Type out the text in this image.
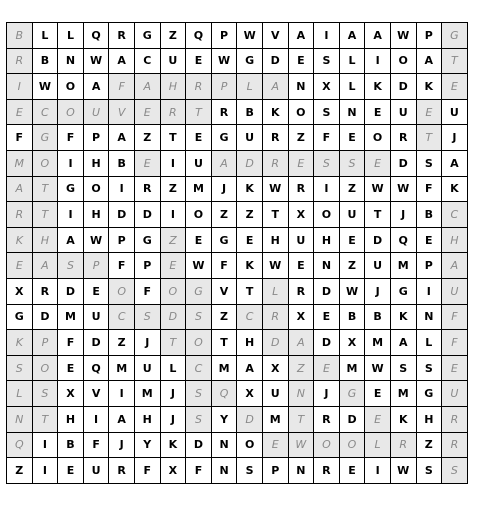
B	L	L	Q	R	G	Z	Q	P	W	V	A	I	A	A	W	P	G
R	B	N	W	A	C	U	E	W	G	D	E	S	L	I	O	A	T
I	W	O	A	F	A	H	R	P	L	A	N	X	L	K	D	K	E
E	C	O	U	V	E	R	T	R	B	K	O	S	N	E	U	E	U
F	G	F	P	A	Z	T	E	G	U	R	Z	F	E	O	R	T	J
M	O	I	H	B	E	I	U	A	D	R	E	S	S	E	D	S	A
A	T	G	O	I	R	Z	M	J	K	W	R	I	Z	W	W	F	K
R	T	I	H	D	D	I	O	Z	Z	T	X	O	U	T	J	B	C
K	H	A	W	P	G	Z	E	G	E	H	U	H	E	D	Q	E	H
E	A	S	P	F	P	E	W	F	K	W	E	N	Z	U	M	P	A
X	R	D	E	O	F	O	G	V	T	L	R	D	W	J	G	I	U
G	D	M	U	C	S	D	S	Z	C	R	X	E	B	B	K	N	F
K	P	F	D	Z	J	T	O	T	H	D	A	D	X	M	A	L	F
S	O	E	Q	M	U	L	C	M	A	X	Z	E	M	W	S	S	E
L	S	X	V	I	M	J	S	Q	X	U	N	J	G	E	M	G	U
N	T	H	I	A	H	J	S	Y	D	M	T	R	D	E	K	H	R
Q	I	B	F	J	Y	K	D	N	O	E	W	O	O	L	R	Z	R
Z	I	E	U	R	F	X	F	N	S	P	N	R	E	I	W	S	S
